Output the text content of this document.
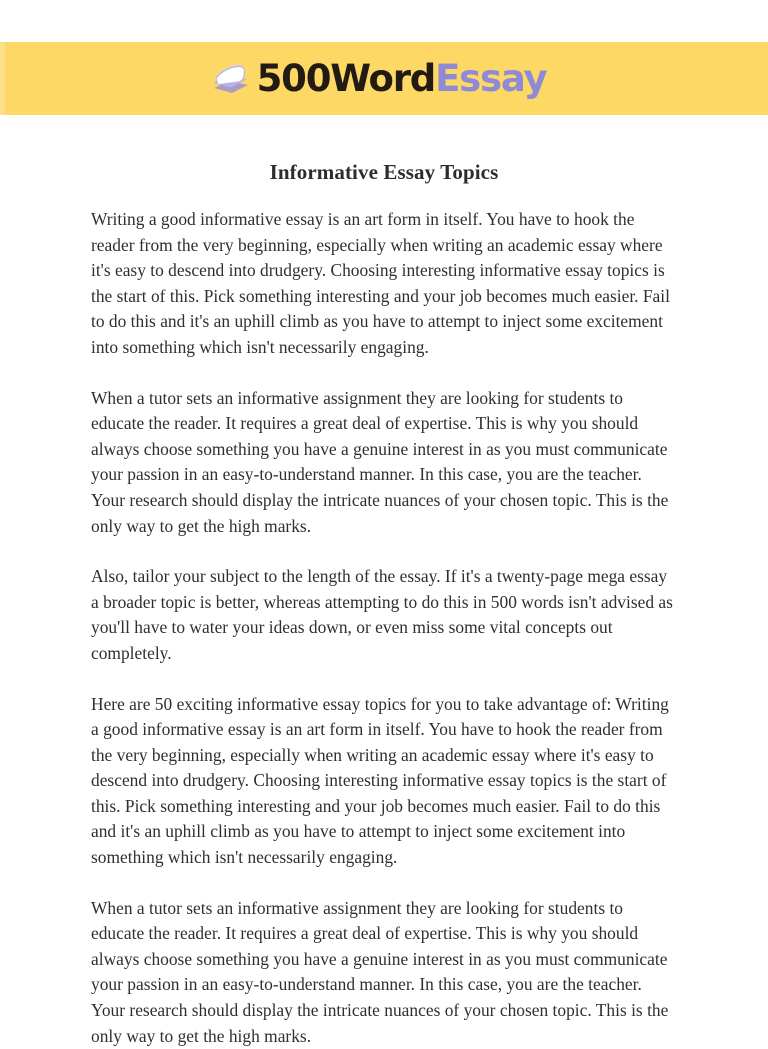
500WordEssay
Informative Essay Topics

Writing a good informative essay is an art form in itself. You have to hook the reader from the very beginning, especially when writing an academic essay where it's easy to descend into drudgery. Choosing interesting informative essay topics is the start of this. Pick something interesting and your job becomes much easier. Fail to do this and it's an uphill climb as you have to attempt to inject some excitement into something which isn't necessarily engaging.

When a tutor sets an informative assignment they are looking for students to educate the reader. It requires a great deal of expertise. This is why you should always choose something you have a genuine interest in as you must communicate your passion in an easy-to-understand manner. In this case, you are the teacher. Your research should display the intricate nuances of your chosen topic. This is the only way to get the high marks.

Also, tailor your subject to the length of the essay. If it's a twenty-page mega essay a broader topic is better, whereas attempting to do this in 500 words isn't advised as you'll have to water your ideas down, or even miss some vital concepts out completely.

Here are 50 exciting informative essay topics for you to take advantage of: Writing a good informative essay is an art form in itself. You have to hook the reader from the very beginning, especially when writing an academic essay where it's easy to descend into drudgery. Choosing interesting informative essay topics is the start of this. Pick something interesting and your job becomes much easier. Fail to do this and it's an uphill climb as you have to attempt to inject some excitement into something which isn't necessarily engaging.

When a tutor sets an informative assignment they are looking for students to educate the reader. It requires a great deal of expertise. This is why you should always choose something you have a genuine interest in as you must communicate your passion in an easy-to-understand manner. In this case, you are the teacher. Your research should display the intricate nuances of your chosen topic. This is the only way to get the high marks.
